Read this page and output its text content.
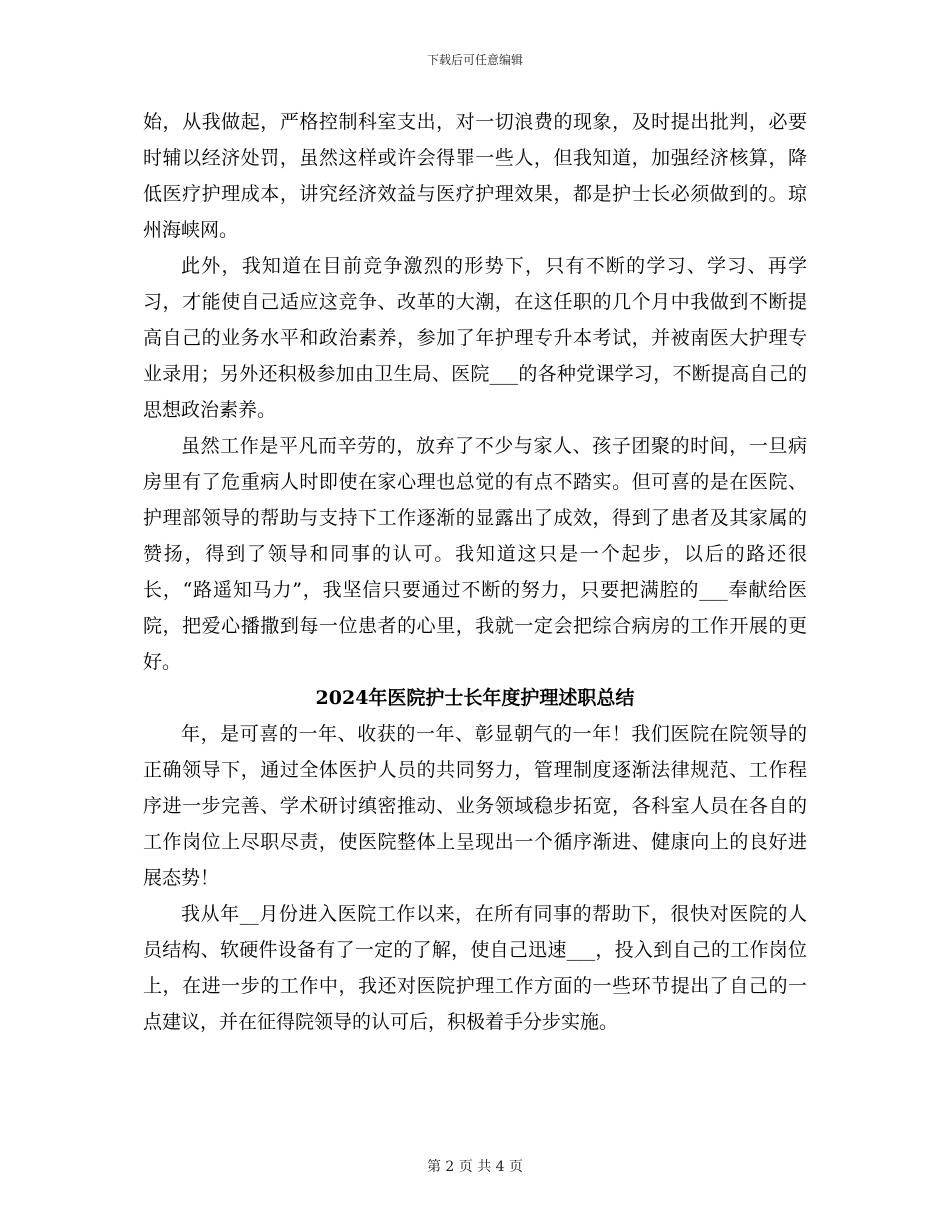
下载后可任意编辑

始，从我做起，严格控制科室支出，对一切浪费的现象，及时提出批判，必要时辅以经济处罚，虽然这样或许会得罪一些人，但我知道，加强经济核算，降低医疗护理成本，讲究经济效益与医疗护理效果，都是护士长必须做到的。琼州海峡网。

此外，我知道在目前竞争激烈的形势下，只有不断的学习、学习、再学习，才能使自己适应这竞争、改革的大潮，在这任职的几个月中我做到不断提高自己的业务水平和政治素养，参加了年护理专升本考试，并被南医大护理专业录用；另外还积极参加由卫生局、医院___的各种党课学习，不断提高自己的思想政治素养。

虽然工作是平凡而辛劳的，放弃了不少与家人、孩子团聚的时间，一旦病房里有了危重病人时即使在家心理也总觉的有点不踏实。但可喜的是在医院、护理部领导的帮助与支持下工作逐渐的显露出了成效，得到了患者及其家属的赞扬，得到了领导和同事的认可。我知道这只是一个起步，以后的路还很长，“路遥知马力”，我坚信只要通过不断的努力，只要把满腔的___奉献给医院，把爱心播撒到每一位患者的心里，我就一定会把综合病房的工作开展的更好。

2024年医院护士长年度护理述职总结

年，是可喜的一年、收获的一年、彰显朝气的一年！我们医院在院领导的正确领导下，通过全体医护人员的共同努力，管理制度逐渐法律规范、工作程序进一步完善、学术研讨缜密推动、业务领域稳步拓宽，各科室人员在各自的工作岗位上尽职尽责，使医院整体上呈现出一个循序渐进、健康向上的良好进展态势！

我从年__月份进入医院工作以来，在所有同事的帮助下，很快对医院的人员结构、软硬件设备有了一定的了解，使自己迅速___，投入到自己的工作岗位上，在进一步的工作中，我还对医院护理工作方面的一些环节提出了自己的一点建议，并在征得院领导的认可后，积极着手分步实施。

第 2 页 共 4 页
